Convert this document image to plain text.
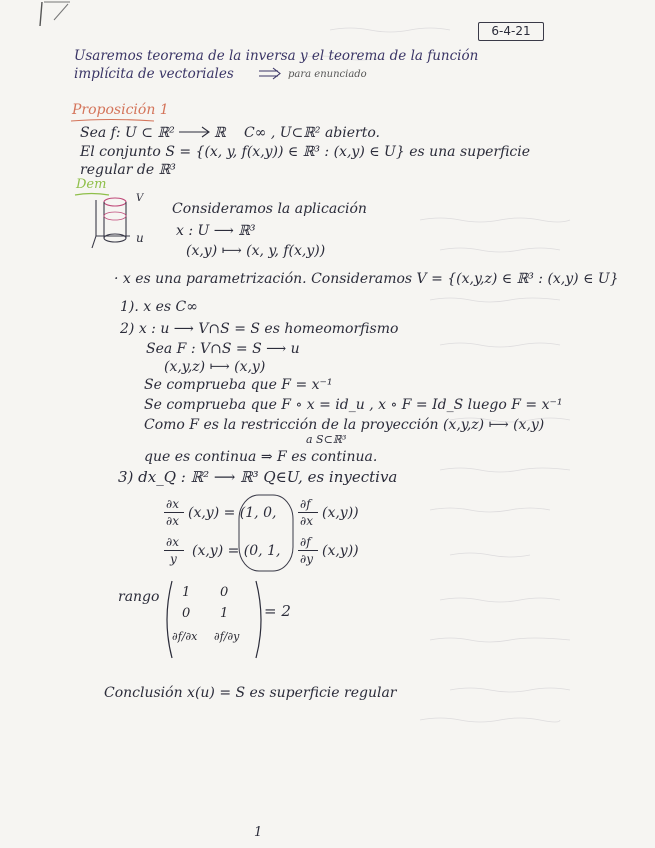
6-4-21
Usaremos teorema de la inversa y el teorema de la función
implícita de vectoriales	para enunciado
Proposición 1
Sea f: U ⊂ ℝ²	ℝ C∞ , U⊂ℝ² abierto.
El conjunto S = {(x, y, f(x,y)) ∈ ℝ³ : (x,y) ∈ U} es una superficie
regular de ℝ³
Dem
V
u
Consideramos la aplicación
x : U ⟶ ℝ³
(x,y) ⟼ (x, y, f(x,y))
· x es una parametrización. Consideramos V = {(x,y,z) ∈ ℝ³ : (x,y) ∈ U}
1). x es C∞
2) x : u ⟶ V∩S = S es homeomorfismo
Sea F : V∩S = S ⟶ u
(x,y,z) ⟼ (x,y)
Se comprueba que F = x⁻¹
Se comprueba que F ∘ x = id_u , x ∘ F = Id_S luego F = x⁻¹
Como F es la restricción de la proyección (x,y,z) ⟼ (x,y)
a S⊂ℝ³
que es continua ⇒ F es continua.
3) dx_Q : ℝ² ⟶ ℝ³ Q∈U, es inyectiva
∂x
∂x (x,y) = (1, 0,
∂f
∂x (x,y))
∂x
y (x,y) = (0, 1,
∂f
∂y (x,y))
rango 1 0
0 1
∂f/∂x ∂f/∂y
= 2
Conclusión x(u) = S es superficie regular
1
